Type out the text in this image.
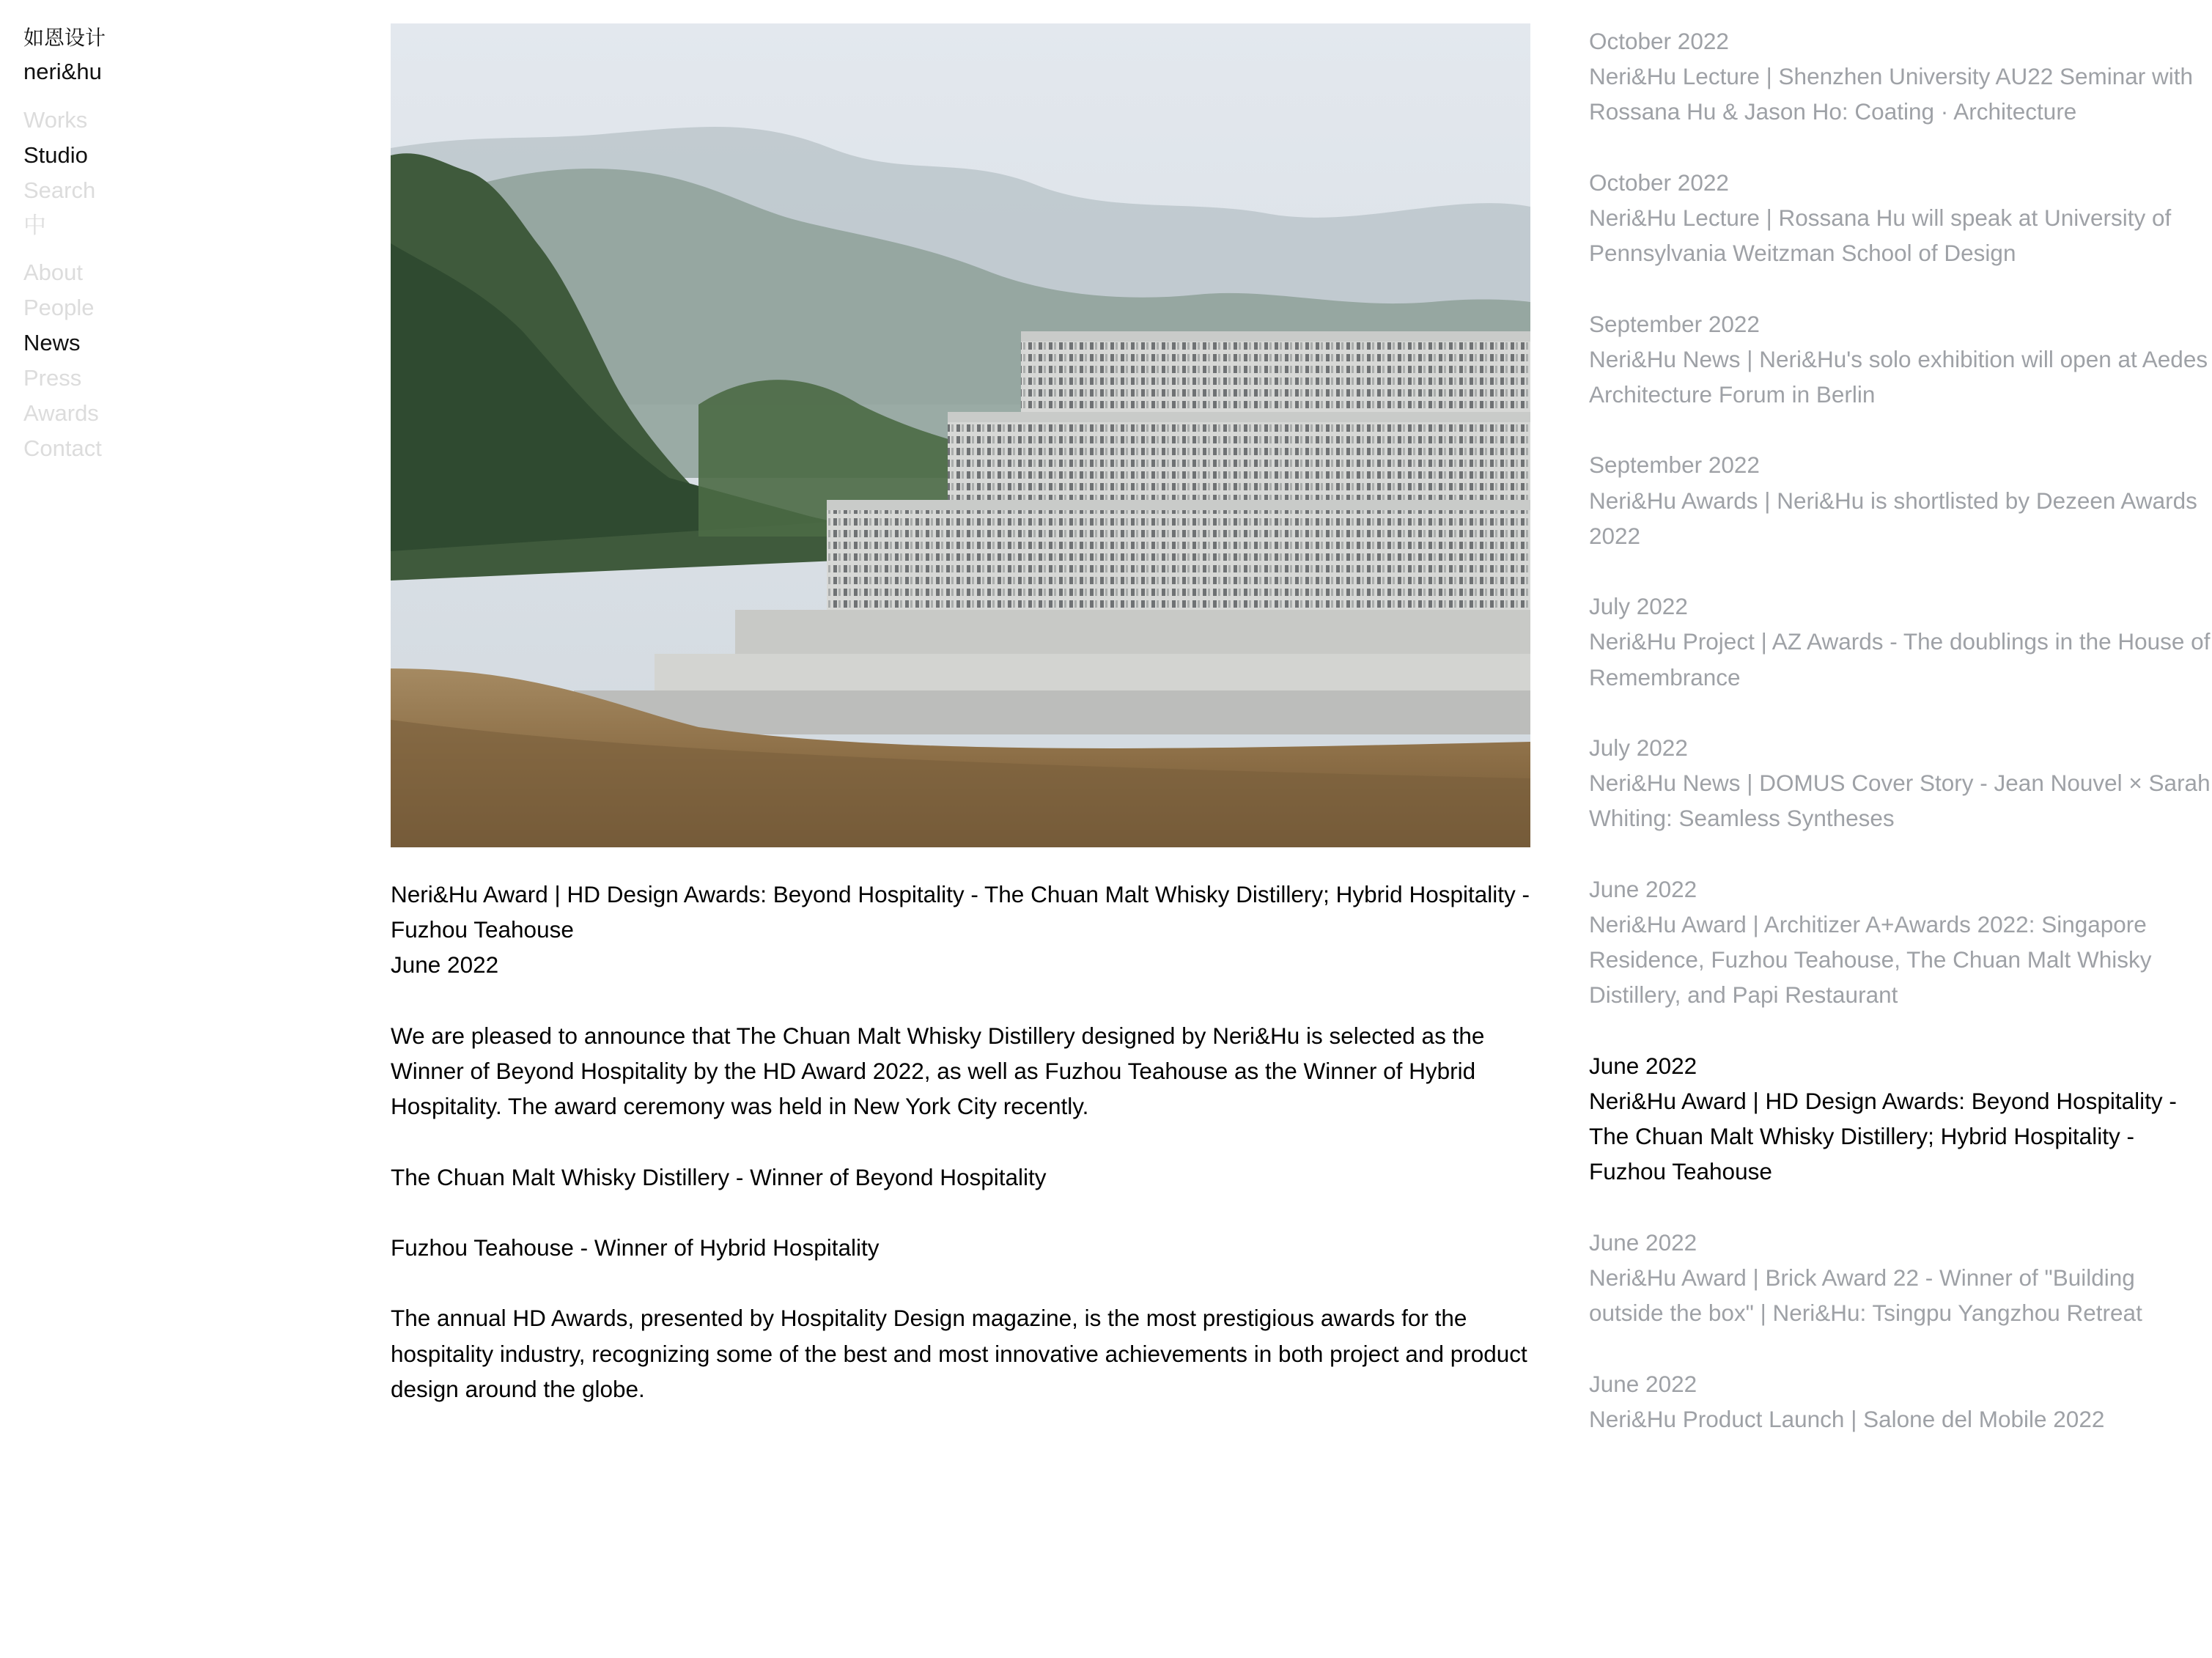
如恩设计
neri&hu
Works
Studio
Search
中
About
People
News
Press
Awards
Contact

Neri&Hu Award | HD Design Awards: Beyond Hospitality - The Chuan Malt Whisky Distillery; Hybrid Hospitality - Fuzhou Teahouse

June 2022

We are pleased to announce that The Chuan Malt Whisky Distillery designed by Neri&Hu is selected as the Winner of Beyond Hospitality by the HD Award 2022, as well as Fuzhou Teahouse as the Winner of Hybrid Hospitality. The award ceremony was held in New York City recently.

The Chuan Malt Whisky Distillery - Winner of Beyond Hospitality

Fuzhou Teahouse - Winner of Hybrid Hospitality

The annual HD Awards, presented by Hospitality Design magazine, is the most prestigious awards for the hospitality industry, recognizing some of the best and most innovative achievements in both project and product design around the globe.

October 2022
Neri&Hu Lecture | Shenzhen University AU22 Seminar with Rossana Hu & Jason Ho: Coating · Architecture
October 2022
Neri&Hu Lecture | Rossana Hu will speak at University of Pennsylvania Weitzman School of Design
September 2022
Neri&Hu News | Neri&Hu's solo exhibition will open at Aedes Architecture Forum in Berlin
September 2022
Neri&Hu Awards | Neri&Hu is shortlisted by Dezeen Awards 2022
July 2022
Neri&Hu Project | AZ Awards - The doublings in the House of Remembrance
July 2022
Neri&Hu News | DOMUS Cover Story - Jean Nouvel × Sarah Whiting: Seamless Syntheses
June 2022
Neri&Hu Award | Architizer A+Awards 2022: Singapore Residence, Fuzhou Teahouse, The Chuan Malt Whisky Distillery, and Papi Restaurant
June 2022
Neri&Hu Award | HD Design Awards: Beyond Hospitality - The Chuan Malt Whisky Distillery; Hybrid Hospitality - Fuzhou Teahouse
June 2022
Neri&Hu Award | Brick Award 22 - Winner of "Building outside the box" | Neri&Hu: Tsingpu Yangzhou Retreat
June 2022
Neri&Hu Product Launch | Salone del Mobile 2022
